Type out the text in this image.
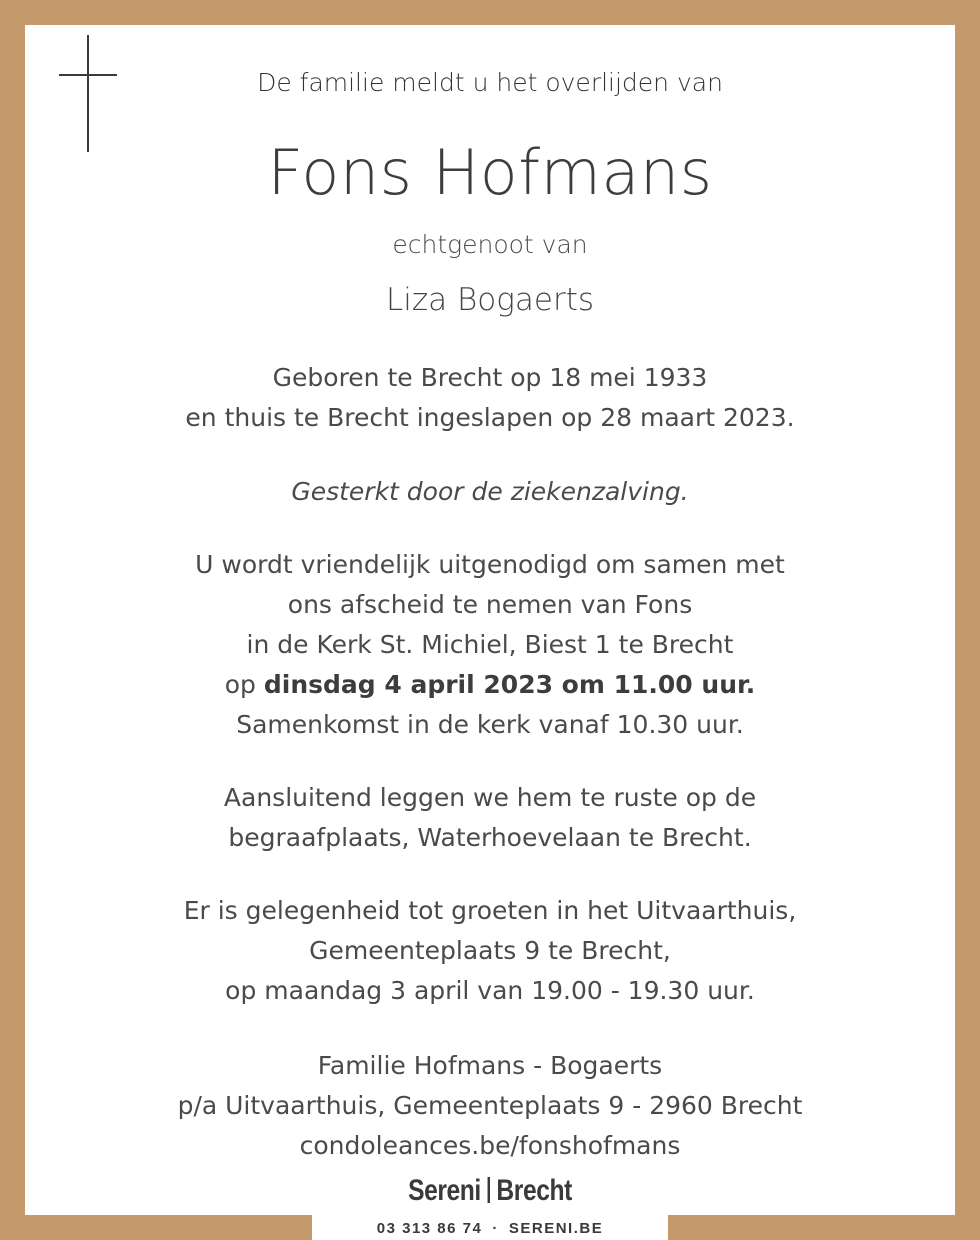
De familie meldt u het overlijden van
Fons Hofmans
echtgenoot van
Liza Bogaerts
Geboren te Brecht op 18 mei 1933
en thuis te Brecht ingeslapen op 28 maart 2023.
Gesterkt door de ziekenzalving.
U wordt vriendelijk uitgenodigd om samen met
ons afscheid te nemen van Fons
in de Kerk St. Michiel, Biest 1 te Brecht
op dinsdag 4 april 2023 om 11.00 uur.
Samenkomst in de kerk vanaf 10.30 uur.
Aansluitend leggen we hem te ruste op de
begraafplaats, Waterhoevelaan te Brecht.
Er is gelegenheid tot groeten in het Uitvaarthuis,
Gemeenteplaats 9 te Brecht,
op maandag 3 april van 19.00 - 19.30 uur.
Familie Hofmans - Bogaerts
p/a Uitvaarthuis, Gemeenteplaats 9 - 2960 Brecht
condoleances.be/fonshofmans
Sereni Brecht
03 313 86 74 · SERENI.BE
